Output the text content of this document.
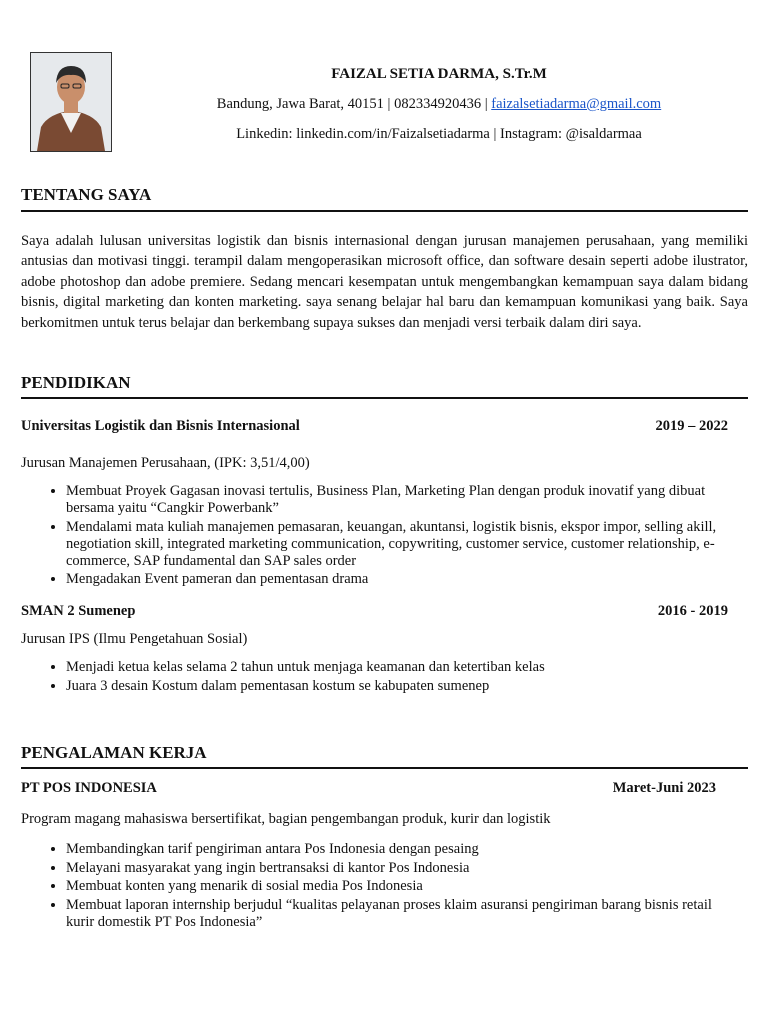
FAIZAL SETIA DARMA, S.Tr.M
Bandung, Jawa Barat, 40151 | 082334920436 | faizalsetiadarma@gmail.com
Linkedin: linkedin.com/in/Faizalsetiadarma | Instagram: @isaldarmaa
TENTANG SAYA
Saya adalah lulusan universitas logistik dan bisnis internasional dengan jurusan manajemen perusahaan, yang memiliki antusias dan motivasi tinggi. terampil dalam mengoperasikan microsoft office, dan software desain seperti adobe ilustrator, adobe photoshop dan adobe premiere. Sedang mencari kesempatan untuk mengembangkan kemampuan saya dalam bidang bisnis, digital marketing dan konten marketing. saya senang belajar hal baru dan kemampuan komunikasi yang baik. Saya berkomitmen untuk terus belajar dan berkembang supaya sukses dan menjadi versi terbaik dalam diri saya.
PENDIDIKAN
Universitas Logistik dan Bisnis Internasional	2019 – 2022
Jurusan Manajemen Perusahaan, (IPK: 3,51/4,00)
• Membuat Proyek Gagasan inovasi tertulis, Business Plan, Marketing Plan dengan produk inovatif yang dibuat bersama yaitu “Cangkir Powerbank”
• Mendalami mata kuliah manajemen pemasaran, keuangan, akuntansi, logistik bisnis, ekspor impor, selling akill, negotiation skill, integrated marketing communication, copywriting, customer service, customer relationship, e-commerce, SAP fundamental dan SAP sales order
• Mengadakan Event pameran dan pementasan drama
SMAN 2 Sumenep	2016 - 2019
Jurusan IPS (Ilmu Pengetahuan Sosial)
• Menjadi ketua kelas selama 2 tahun untuk menjaga keamanan dan ketertiban kelas
• Juara 3 desain Kostum dalam pementasan kostum se kabupaten sumenep
PENGALAMAN KERJA
PT POS INDONESIA	Maret-Juni 2023
Program magang mahasiswa bersertifikat, bagian pengembangan produk, kurir dan logistik
• Membandingkan tarif pengiriman antara Pos Indonesia dengan pesaing
• Melayani masyarakat yang ingin bertransaksi di kantor Pos Indonesia
• Membuat konten yang menarik di sosial media Pos Indonesia
• Membuat laporan internship berjudul “kualitas pelayanan proses klaim asuransi pengiriman barang bisnis retail kurir domestik PT Pos Indonesia”
